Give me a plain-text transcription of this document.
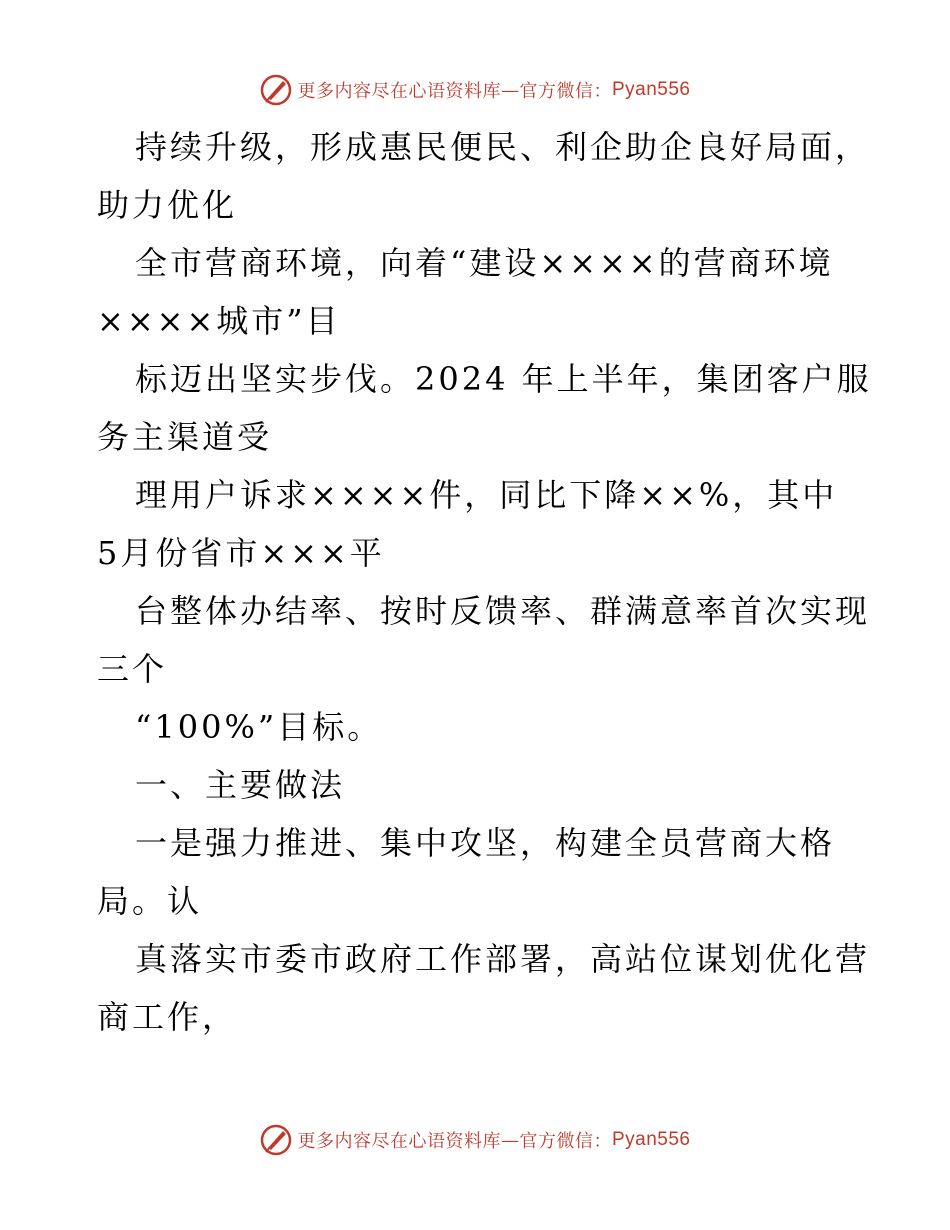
更多内容尽在心语资料库 — 官方微信： Pyan556
持续升级，形成惠民便民、利企助企良好局面，
助力优化
全市营商环境，向着“建设××××的营商环境
××××城市”目
标迈出坚实步伐。2024 年上半年，集团客户服
务主渠道受
理用户诉求××××件，同比下降××%，其中
5月份省市×××平
台整体办结率、按时反馈率、群满意率首次实现
三个
“100%”目标。
一、主要做法
一是强力推进、集中攻坚，构建全员营商大格
局。认
真落实市委市政府工作部署，高站位谋划优化营
商工作，
更多内容尽在心语资料库 — 官方微信： Pyan556
